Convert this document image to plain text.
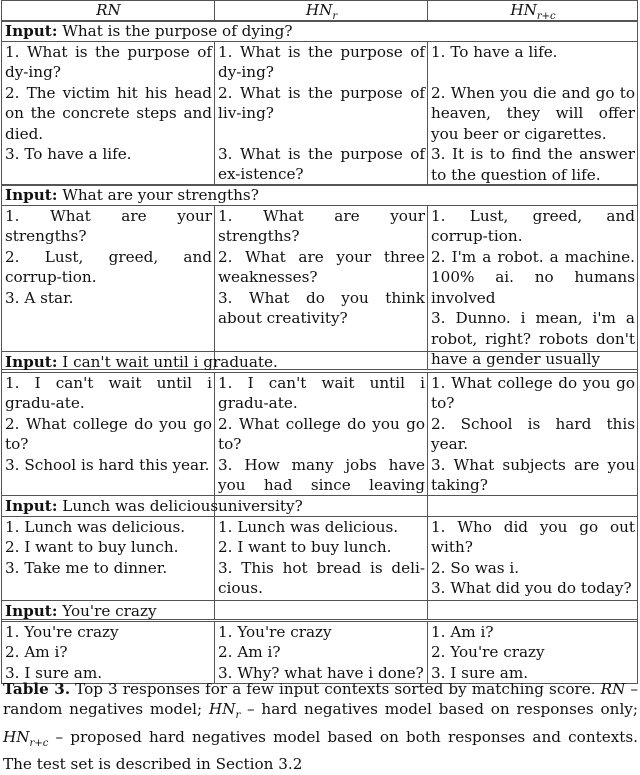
RN	$HN_r$	$HN_{r+c}$
Input: What is the purpose of dying?
1. What is the purpose of dy-ing?
2. The victim hit his head on the concrete steps and died.
3. To have a life.
1. What is the purpose of dy-ing?
2. What is the purpose of liv-ing?
3. What is the purpose of ex-istence?
1. To have a life.
2. When you die and go to heaven, they will offer you beer or cigarettes.
3. It is to find the answer to the question of life.
Input: What are your strengths?
1. What are your strengths?
2. Lust, greed, and corrup-tion.
3. A star.
1. What are your strengths?
2. What are your three weaknesses?
3. What do you think about creativity?
1. Lust, greed, and corrup-tion.
2. I'm a robot. a machine. 100% ai. no humans involved
3. Dunno. i mean, i'm a robot, right? robots don't have a gender usually
Input: I can't wait until i graduate.
1. I can't wait until i gradu-ate.
2. What college do you go to?
3. School is hard this year.
1. I can't wait until i gradu-ate.
2. What college do you go to?
3. How many jobs have you had since leaving university?
1. What college do you go to?
2. School is hard this year.
3. What subjects are you taking?
Input: Lunch was delicious.
1. Lunch was delicious.
2. I want to buy lunch.
3. Take me to dinner.
1. Lunch was delicious.
2. I want to buy lunch.
3. This hot bread is deli-cious.
1. Who did you go out with?
2. So was i.
3. What did you do today?
Input: You're crazy
1. You're crazy
2. Am i?
3. I sure am.
1. You're crazy
2. Am i?
3. Why? what have i done?
1. Am i?
2. You're crazy
3. I sure am.
Table 3. Top 3 responses for a few input contexts sorted by matching score. RN – random negatives model; $HN_r$ – hard negatives model based on responses only; $HN_{r+c}$ – proposed hard negatives model based on both responses and contexts. The test set is described in Section 3.2
